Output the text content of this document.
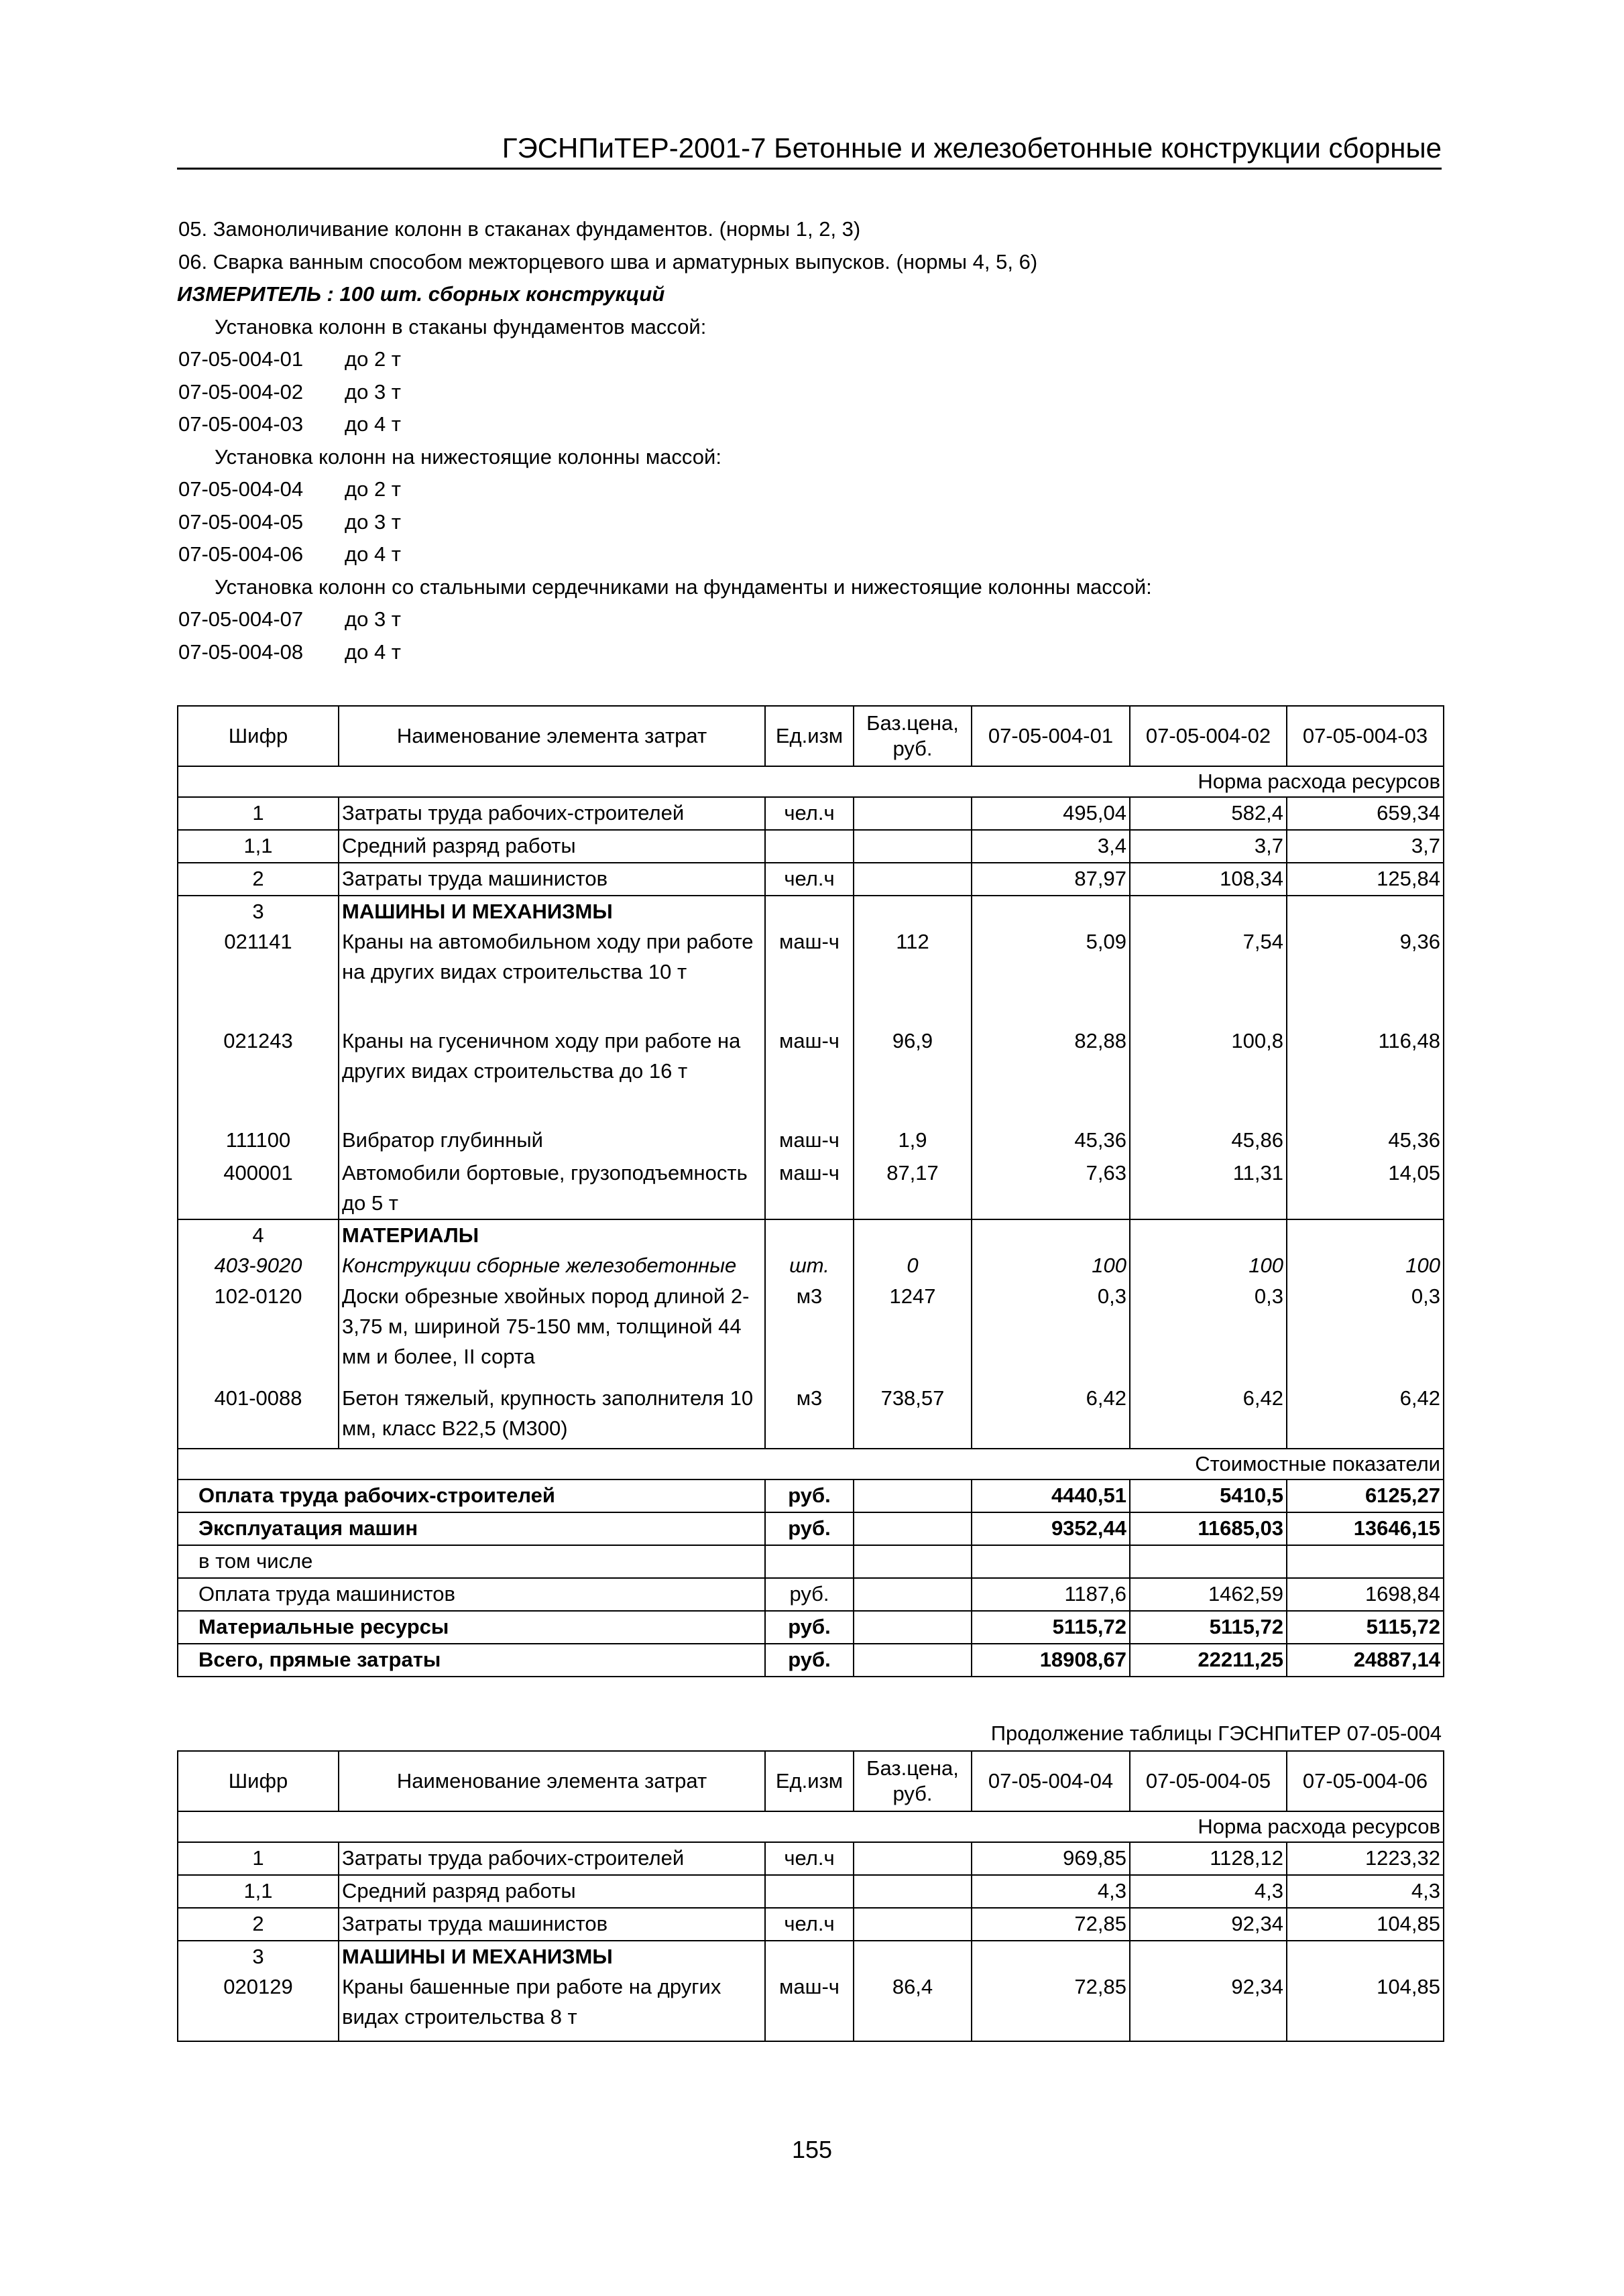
ГЭСНПиТЕР-2001-7 Бетонные и железобетонные конструкции сборные
05. Замоноличивание колонн в стаканах фундаментов. (нормы 1, 2, 3)
06. Сварка ванным способом межторцевого шва и арматурных выпусков. (нормы 4, 5, 6)
ИЗМЕРИТЕЛЬ : 100 шт. сборных конструкций
Установка колонн в стаканы фундаментов массой:
07-05-004-01 до 2 т
07-05-004-02 до 3 т
07-05-004-03 до 4 т
Установка колонн на нижестоящие колонны массой:
07-05-004-04 до 2 т
07-05-004-05 до 3 т
07-05-004-06 до 4 т
Установка колонн со стальными сердечниками на фундаменты и нижестоящие колонны массой:
07-05-004-07 до 3 т
07-05-004-08 до 4 т
Шифр	Наименование элемента затрат	Ед.изм	Баз.цена,
руб.	07-05-004-01	07-05-004-02	07-05-004-03
Норма расхода ресурсов						
1	Затраты труда рабочих-строителей	чел.ч		495,04	582,4	659,34
1,1	Средний разряд работы			3,4	3,7	3,7
2	Затраты труда машинистов	чел.ч		87,97	108,34	125,84
3	МАШИНЫ И МЕХАНИЗМЫ					
021141	Краны на автомобильном ходу при работе на других видах строительства 10 т	маш-ч	112	5,09	7,54	9,36
021243	Краны на гусеничном ходу при работе на других видах строительства до 16 т	маш-ч	96,9	82,88	100,8	116,48
111100	Вибратор глубинный	маш-ч	1,9	45,36	45,86	45,36
400001	Автомобили бортовые, грузоподъемность до 5 т	маш-ч	87,17	7,63	11,31	14,05
4	МАТЕРИАЛЫ					
403-9020	Конструкции сборные железобетонные	шт.	0	100	100	100
102-0120	Доски обрезные хвойных пород длиной 2-3,75 м, шириной 75-150 мм, толщиной 44 мм и более, II сорта	м3	1247	0,3	0,3	0,3
401-0088	Бетон тяжелый, крупность заполнителя 10 мм, класс В22,5 (М300)	м3	738,57	6,42	6,42	6,42
Стоимостные показатели						
Оплата труда рабочих-строителей		руб.		4440,51	5410,5	6125,27
Эксплуатация машин		руб.		9352,44	11685,03	13646,15
в том числе						
Оплата труда машинистов		руб.		1187,6	1462,59	1698,84
Материальные ресурсы		руб.		5115,72	5115,72	5115,72
Всего, прямые затраты		руб.		18908,67	22211,25	24887,14
Продолжение таблицы ГЭСНПиТЕР 07-05-004
Шифр	Наименование элемента затрат	Ед.изм	Баз.цена,
руб.	07-05-004-04	07-05-004-05	07-05-004-06
Норма расхода ресурсов						
1	Затраты труда рабочих-строителей	чел.ч		969,85	1128,12	1223,32
1,1	Средний разряд работы			4,3	4,3	4,3
2	Затраты труда машинистов	чел.ч		72,85	92,34	104,85
3	МАШИНЫ И МЕХАНИЗМЫ					
020129	Краны башенные при работе на других видах строительства 8 т	маш-ч	86,4	72,85	92,34	104,85
155
